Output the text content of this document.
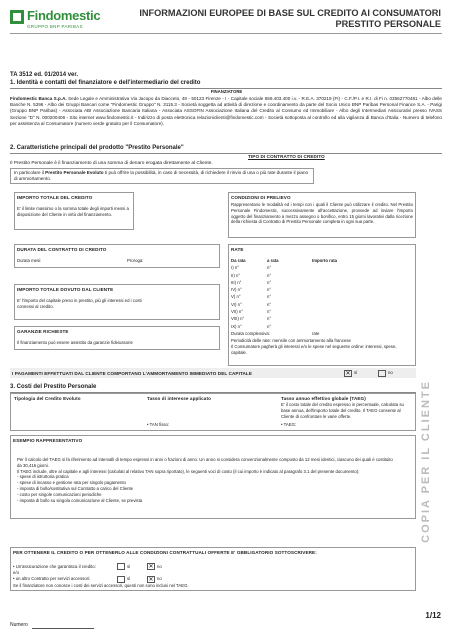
Findomestic
GRUPPO BNP PARIBAS
INFORMAZIONI EUROPEE DI BASE SUL CREDITO AI CONSUMATORI
PRESTITO PERSONALE
TA 3512 ed. 01/2014 ver.
1. Identità e contatti del finanziatore e dell'intermediario del credito
FINANZIATORE
Findomestic Banca S.p.A. Sede Legale e Amministrativa Via Jacopo da Diacceto, 48 - 50123 Firenze - I - Capitale sociale 659.403.400 i.v. - R.E.A. 370219 (FI) - C.F./P.I. e R.I. di Fi n. 03562770481 - Albo delle Banche N. 5396 - Albo dei Gruppi Bancari come "Findomestic Gruppo" N. 3115.3 - Società soggetta ad attività di direzione e coordinamento da parte del Socio Unico BNP Paribas Personal Finance S.A. - Parigi (Gruppo BNP Paribas) - Associata ABI Associazione Bancaria Italiana - Associata ASSOFIN Associazione Italiana del Credito al Consumo ed Immobiliare - Albo degli Intermediari Assicurativi presso IVASS Sezione "D" N. 000200406 - Sito internet www.findomestic.it - Indirizzo di posta elettronica relazioniclienti@findomestic.com - Società sottoposta al controllo ed alla vigilanza di Banca d'Italia - Numero di telefono per assistenza al Consumatore (numero verde gratuito per il Consumatore).
2. Caratteristiche principali del prodotto "Prestito Personale"
TIPO DI CONTRATTO DI CREDITO
Il Prestito Personale è il finanziamento di una somma di denaro erogata direttamente al Cliente.
In particolare il Prestito Personale Evoluto ti può offrire la possibilità, in caso di necessità, di richiedere il rinvio di una o più rate durante il piano di ammortamento.
IMPORTO TOTALE DEL CREDITO
E' il limite massimo o la somma totale degli importi messi a disposizione del Cliente in virtù del finanziamento.
CONDIZIONI DI PRELIEVO
Rappresentano le modalità ed i tempi con i quali il Cliente può utilizzare il credito. Nel Prestito Personale Findomestic, successivamente all'accettazione, provvede ad inviare l'importo oggetto del finanziamento a mezzo assegno o bonifico, entro 15 giorni lavorativi dalla ricezione della richiesta di Contratto di Prestito Personale completa in ogni sua parte.
DURATA DEL CONTRATTO DI CREDITO
Durata mesi:	Proroga:
RATE
Da rata	a rata	Importo rata
I) n°	n°
II) n°	n°
III) n°	n°
IV) n°	n°
V) n°	n°
VI) n°	n°
VII) n°	n°
VIII) n°	n°
IX) n°	n°
Durata complessiva:	rate
Periodicità delle rate: mensile con ammortamento alla francese
Il Consumatore pagherà gli interessi e/o le spese nel seguente ordine: interessi, spese, capitale.
IMPORTO TOTALE DOVUTO DAL CLIENTE
E' l'importo del capitale preso in prestito, più gli interessi ed i costi connessi al credito.
GARANZIE RICHIESTE
Il finanziamento può essere assistito da garanzie fideiussorie
I PAGAMENTI EFFETTUATI DAL CLIENTE COMPORTANO L'AMMORTAMENTO IMMEDIATO DEL CAPITALE	✕ sì	no
3. Costi del Prestito Personale
Tipologia del Credito Evoluto	Tasso di interesse applicato	Tasso annuo effettivo globale (TAEG)
E' il costo totale del credito espresso in percentuale, calcolata su base annua, dell'importo totale del credito. Il TAEG consente al Cliente di confrontare le varie offerte.
• TAN fisso:	• TAEG:
ESEMPIO RAPPRESENTATIVO
Per il calcolo del TAEG si fa riferimento ad intervalli di tempo espressi in anni o frazioni di anno. Un anno si considera convenzionalmente composto da 12 mesi identici, ciascuno dei quali è costituito da 30,416 giorni.
Il TAEG include, oltre al capitale e agli interessi (calcolati al relativo TAN sopra riportato), le seguenti voci di costo (il cui importo è indicato al paragrafo 3.1 del presente documento):
- spese di istruttoria pratica
- spese di incasso e gestione rata per singolo pagamento
- imposta di bollo/sostitutiva sul Contratto a carico del Cliente
- costo per singole comunicazioni periodiche
- imposta di bollo su singola comunicazione al Cliente, se prevista
PER OTTENERE IL CREDITO O PER OTTENERLO ALLE CONDIZIONI CONTRATTUALI OFFERTE E' OBBLIGATORIO SOTTOSCRIVERE:
• Un'assicurazione che garantisca il credito:	sì	✕ no
e/o
• un altro Contratto per servizi accessori:	sì	✕ no
Se il finanziatore non conosce i costi dei servizi accessori, questi non sono inclusi nel TAEG.
COPIA PER IL CLIENTE
1/12
Numero
